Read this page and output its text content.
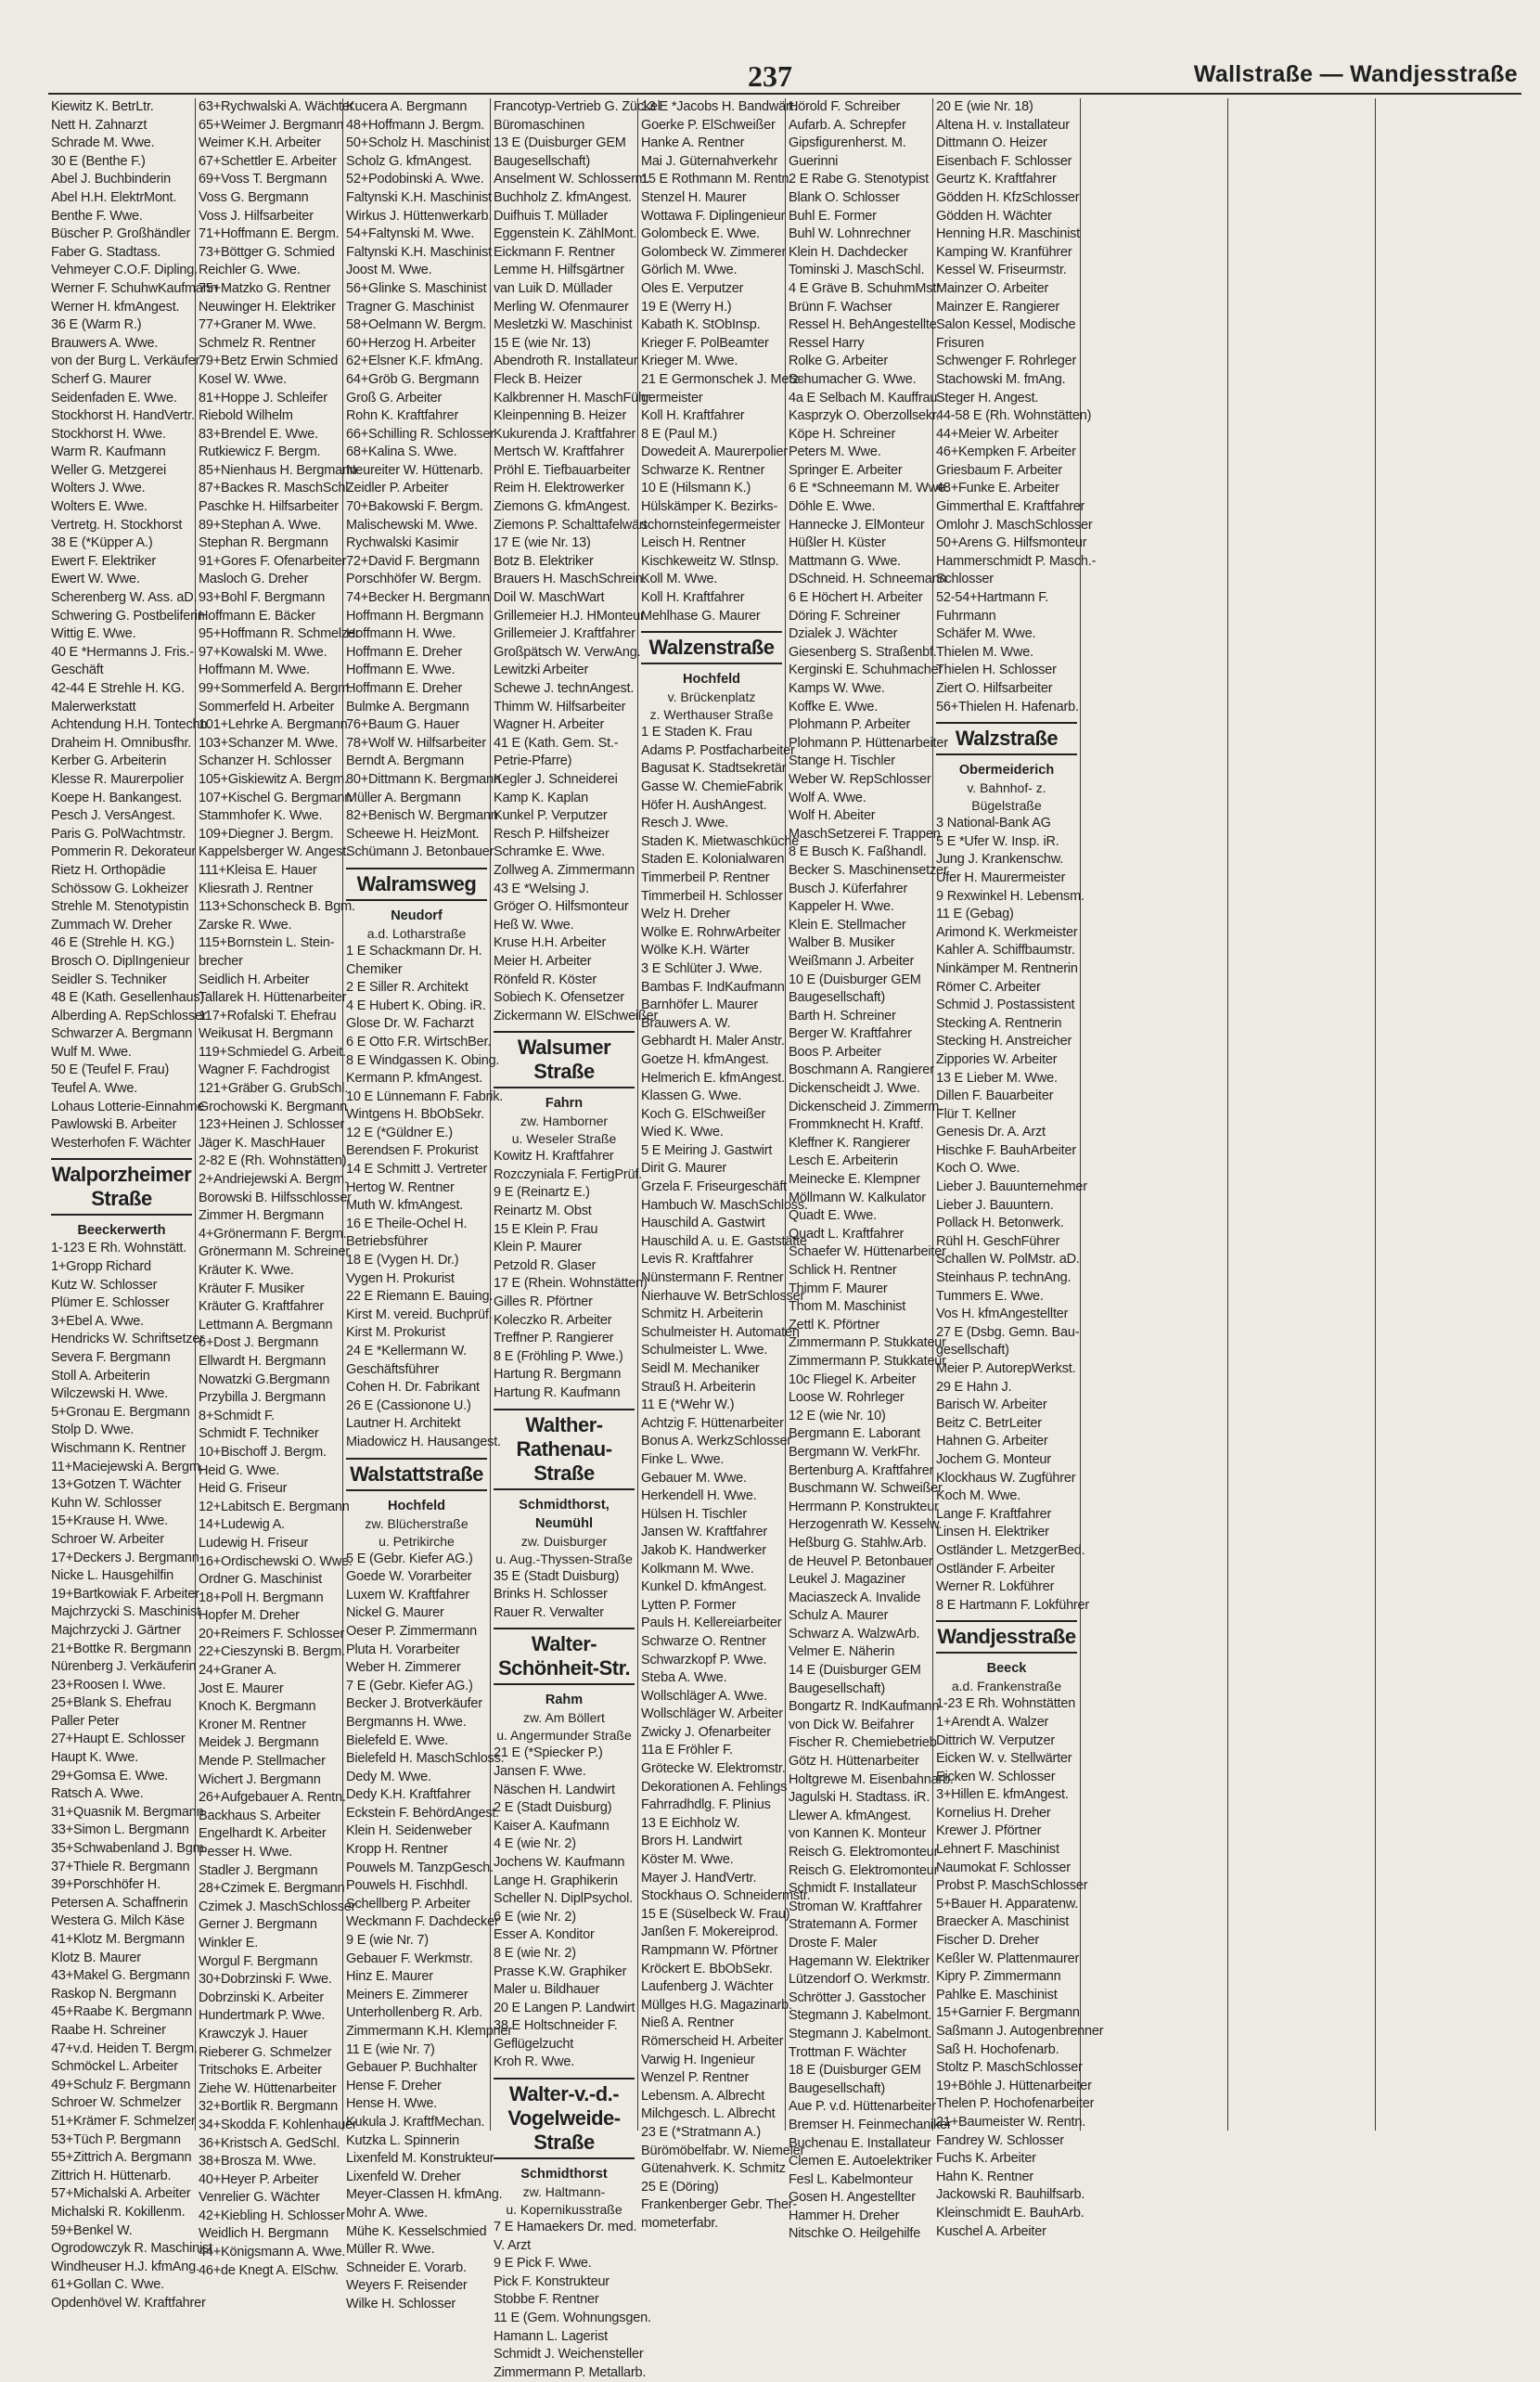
237	Wallstraße — Wandjesstraße
Kiewitz K. BetrLtr.
Nett H. Zahnarzt
Schrade M. Wwe.
30 E (Benthe F.)
Abel J. Buchbinderin
Abel H.H. ElektrMont.
Benthe F. Wwe.
Büscher P. Großhändler
Faber G. Stadtass.
Vehmeyer C.O.F. Dipling.
Werner F. SchuhwKaufmann
Werner H. kfmAngest.
36 E (Warm R.)
Brauwers A. Wwe.
von der Burg L. Verkäufer.
Scherf G. Maurer
Seidenfaden E. Wwe.
Stockhorst H. HandVertr.
Stockhorst H. Wwe.
Warm R. Kaufmann
Weller G. Metzgerei
Wolters J. Wwe.
Wolters E. Wwe.
Vertretg. H. Stockhorst
38 E (*Küpper A.)
Ewert F. Elektriker
Ewert W. Wwe.
Scherenberg W. Ass. aD.
Schwering G. Postbeliferin
Wittig E. Wwe.
40 E *Hermanns J. Fris.-
Geschäft
42-44 E Strehle H. KG.
Malerwerkstatt
Achtendung H.H. Tontechn.
Draheim H. Omnibusfhr.
Kerber G. Arbeiterin
Klesse R. Maurerpolier
Koepe H. Bankangest.
Pesch J. VersAngest.
Paris G. PolWachtmstr.
Pommerin R. Dekorateur
Rietz H. Orthopädie
Schössow G. Lokheizer
Strehle M. Stenotypistin
Zummach W. Dreher
46 E (Strehle H. KG.)
Brosch O. DiplIngenieur
Seidler S. Techniker
48 E (Kath. Gesellenhaus)
Alberding A. RepSchlosser
Schwarzer A. Bergmann
Wulf M. Wwe.
50 E (Teufel F. Frau)
Teufel A. Wwe.
Lohaus Lotterie-Einnahme
Pawlowski B. Arbeiter
Westerhofen F. Wächter
Walporzheimer Straße
Beeckerwerth
1-123 E Rh. Wohnstätt.
1+Gropp Richard
Kutz W. Schlosser
Plümer E. Schlosser
3+Ebel A. Wwe.
Hendricks W. Schriftsetzer
Severa F. Bergmann
Stoll A. Arbeiterin
Wilczewski H. Wwe.
5+Gronau E. Bergmann
Stolp D. Wwe.
Wischmann K. Rentner
11+Maciejewski A. Bergm.
13+Gotzen T. Wächter
Kuhn W. Schlosser
15+Krause H. Wwe.
Schroer W. Arbeiter
17+Deckers J. Bergmann
Nicke L. Hausgehilfin
19+Bartkowiak F. Arbeiter
Majchrzycki S. Maschinist
Majchrzycki J. Gärtner
21+Bottke R. Bergmann
Nürenberg J. Verkäuferin
23+Roosen I. Wwe.
25+Blank S. Ehefrau
Paller Peter
27+Haupt E. Schlosser
Haupt K. Wwe.
29+Gomsa E. Wwe.
Ratsch A. Wwe.
31+Quasnik M. Bergmann
33+Simon L. Bergmann
35+Schwabenland J. Bgm.
37+Thiele R. Bergmann
39+Porschhöfer H.
Petersen A. Schaffnerin
Westera G. Milch Käse
41+Klotz M. Bergmann
Klotz B. Maurer
43+Makel G. Bergmann
Raskop N. Bergmann
45+Raabe K. Bergmann
Raabe H. Schreiner
47+v.d. Heiden T. Bergm.
Schmöckel L. Arbeiter
49+Schulz F. Bergmann
Schroer W. Schmelzer
51+Krämer F. Schmelzer
53+Tüch P. Bergmann
55+Zittrich A. Bergmann
Zittrich H. Hüttenarb.
57+Michalski A. Arbeiter
Michalski R. Kokillenm.
59+Benkel W.
Ogrodowczyk R. Maschinist
Windheuser H.J. kfmAng.
61+Gollan C. Wwe.
Opdenhövel W. Kraftfahrer
63+Rychwalski A. Wächter
65+Weimer J. Bergmann
Weimer K.H. Arbeiter
67+Schettler E. Arbeiter
69+Voss T. Bergmann
Voss G. Bergmann
Voss J. Hilfsarbeiter
71+Hoffmann E. Bergm.
73+Böttger G. Schmied
Reichler G. Wwe.
75+Matzko G. Rentner
Neuwinger H. Elektriker
77+Graner M. Wwe.
Schmelz R. Rentner
79+Betz Erwin Schmied
Kosel W. Wwe.
81+Hoppe J. Schleifer
Riebold Wilhelm
83+Brendel E. Wwe.
Rutkiewicz F. Bergm.
85+Nienhaus H. Bergmann
87+Backes R. MaschSchl.
Paschke H. Hilfsarbeiter
89+Stephan A. Wwe.
Stephan R. Bergmann
91+Gores F. Ofenarbeiter
Masloch G. Dreher
93+Bohl F. Bergmann
Hoffmann E. Bäcker
95+Hoffmann R. Schmelzer
97+Kowalski M. Wwe.
Hoffmann M. Wwe.
99+Sommerfeld A. Bergm.
Sommerfeld H. Arbeiter
101+Lehrke A. Bergmann
103+Schanzer M. Wwe.
Schanzer H. Schlosser
105+Giskiewitz A. Bergm.
107+Kischel G. Bergmann
Stammhofer K. Wwe.
109+Diegner J. Bergm.
Kappelsberger W. Angest.
111+Kleisa E. Hauer
Kliesrath J. Rentner
113+Schonscheck B. Bgm.
Zarske R. Wwe.
115+Bornstein L. Stein-
brecher
Seidlich H. Arbeiter
Tallarek H. Hüttenarbeiter
117+Rofalski T. Ehefrau
Weikusat H. Bergmann
119+Schmiedel G. Arbeit.
Wagner F. Fachdrogist
121+Gräber G. GrubSchl.
Grochowski K. Bergmann
123+Heinen J. Schlosser
Jäger K. MaschHauer
2-82 E (Rh. Wohnstätten)
2+Andriejewski A. Bergm.
Borowski B. Hilfsschlosser
Zimmer H. Bergmann
4+Grönermann F. Bergm.
Grönermann M. Schreiner
Kräuter K. Wwe.
Kräuter F. Musiker
Kräuter G. Kraftfahrer
Lettmann A. Bergmann
6+Dost J. Bergmann
Ellwardt H. Bergmann
Nowatzki G.Bergmann
Przybilla J. Bergmann
8+Schmidt F.
Schmidt F. Techniker
10+Bischoff J. Bergm.
Heid G. Wwe.
Heid G. Friseur
12+Labitsch E. Bergmann
14+Ludewig A.
Ludewig H. Friseur
16+Ordischewski O. Wwe.
Ordner G. Maschinist
18+Poll H. Bergmann
Hopfer M. Dreher
20+Reimers F. Schlosser
22+Cieszynski B. Bergm.
24+Graner A.
Jost E. Maurer
Knoch K. Bergmann
Kroner M. Rentner
Meidek J. Bergmann
Mende P. Stellmacher
Wichert J. Bergmann
26+Aufgebauer A. Rentn.
Backhaus S. Arbeiter
Engelhardt K. Arbeiter
Pesser H. Wwe.
Stadler J. Bergmann
28+Czimek E. Bergmann
Czimek J. MaschSchlosser
Gerner J. Bergmann
Winkler E.
Worgul F. Bergmann
30+Dobrzinski F. Wwe.
Dobrzinski K. Arbeiter
Hundertmark P. Wwe.
Krawczyk J. Hauer
Rieberer G. Schmelzer
Tritschoks E. Arbeiter
Ziehe W. Hüttenarbeiter
32+Bortlik R. Bergmann
34+Skodda F. Kohlenhauer
36+Kristsch A. GedSchl.
38+Brosza M. Wwe.
40+Heyer P. Arbeiter
Venrelier G. Wächter
42+Kiebling H. Schlosser
Weidlich H. Bergmann
44+Königsmann A. Wwe.
46+de Knegt A. ElSchw.
Kucera A. Bergmann
48+Hoffmann J. Bergm.
50+Scholz H. Maschinist
Scholz G. kfmAngest.
52+Podobinski A. Wwe.
Faltynski K.H. Maschinist
Wirkus J. Hüttenwerkarb.
54+Faltynski M. Wwe.
Faltynski K.H. Maschinist
Joost M. Wwe.
56+Glinke S. Maschinist
Tragner G. Maschinist
58+Oelmann W. Bergm.
60+Herzog H. Arbeiter
62+Elsner K.F. kfmAng.
64+Gröb G. Bergmann
Groß G. Arbeiter
Rohn K. Kraftfahrer
66+Schilling R. Schlosser
68+Kalina S. Wwe.
Neureiter W. Hüttenarb.
Zeidler P. Arbeiter
70+Bakowski F. Bergm.
Malischewski M. Wwe.
Rychwalski Kasimir
72+David F. Bergmann
Porschhöfer W. Bergm.
74+Becker H. Bergmann
Hoffmann H. Bergmann
Hoffmann H. Wwe.
Hoffmann E. Dreher
Hoffmann E. Wwe.
Hoffmann E. Dreher
Bulmke A. Bergmann
76+Baum G. Hauer
78+Wolf W. Hilfsarbeiter
Berndt A. Bergmann
80+Dittmann K. Bergmann
Müller A. Bergmann
82+Benisch W. Bergmann
Scheewe H. HeizMont.
Schümann J. Betonbauer
Walramsweg
Neudorf
a.d. Lotharstraße
1 E Schackmann Dr. H.
Chemiker
2 E Siller R. Architekt
4 E Hubert K. Obing. iR.
Glose Dr. W. Facharzt
6 E Otto F.R. WirtschBer.
8 E Windgassen K. Obing.
Kermann P. kfmAngest.
10 E Lünnemann F. Fabrik.
Wintgens H. BbObSekr.
12 E (*Güldner E.)
Berendsen F. Prokurist
14 E Schmitt J. Vertreter
Hertog W. Rentner
Muth W. kfmAngest.
16 E Theile-Ochel H.
Betriebsführer
18 E (Vygen H. Dr.)
Vygen H. Prokurist
22 E Riemann E. Bauing.
Kirst M. vereid. Buchprüf.
Kirst M. Prokurist
24 E *Kellermann W.
Geschäftsführer
Cohen H. Dr. Fabrikant
26 E (Cassionone U.)
Lautner H. Architekt
Miadowicz H. Hausangest.
Walstattstraße
Hochfeld
zw. Blücherstraße
u. Petrikirche
5 E (Gebr. Kiefer AG.)
Goede W. Vorarbeiter
Luxem W. Kraftfahrer
Nickel G. Maurer
Oeser P. Zimmermann
Pluta H. Vorarbeiter
Weber H. Zimmerer
7 E (Gebr. Kiefer AG.)
Becker J. Brotverkäufer
Bergmanns H. Wwe.
Bielefeld E. Wwe.
Bielefeld H. MaschSchloss.
Dedy M. Wwe.
Dedy K.H. Kraftfahrer
Eckstein F. BehördAngest.
Klein H. Seidenweber
Kropp H. Rentner
Pouwels M. TanzpGesch.
Pouwels H. Fischhdl.
Schellberg P. Arbeiter
Weckmann F. Dachdecker
9 E (wie Nr. 7)
Gebauer F. Werkmstr.
Hinz E. Maurer
Meiners E. Zimmerer
Unterhollenberg R. Arb.
Zimmermann K.H. Klempner
11 E (wie Nr. 7)
Gebauer P. Buchhalter
Hense F. Dreher
Hense H. Wwe.
Kukula J. KraftfMechan.
Kutzka L. Spinnerin
Lixenfeld M. Konstrukteur
Lixenfeld W. Dreher
Meyer-Classen H. kfmAng.
Mohr A. Wwe.
Mühe K. Kesselschmied
Müller R. Wwe.
Schneider E. Vorarb.
Weyers F. Reisender
Wilke H. Schlosser
Francotyp-Vertrieb G. Zückel
Büromaschinen
13 E (Duisburger GEM
Baugesellschaft)
Anselment W. Schlosserm.
Buchholz Z. kfmAngest.
Duifhuis T. Müllader
Eggenstein K. ZählMont.
Eickmann F. Rentner
Lemme H. Hilfsgärtner
van Luik D. Müllader
Merling W. Ofenmaurer
Mesletzki W. Maschinist
15 E (wie Nr. 13)
Abendroth R. Installateur
Fleck B. Heizer
Kalkbrenner H. MaschFühr.
Kleinpenning B. Heizer
Kukurenda J. Kraftfahrer
Mertsch W. Kraftfahrer
Pröhl E. Tiefbauarbeiter
Reim H. Elektrowerker
Ziemons G. kfmAngest.
Ziemons P. Schalttafelwärt
17 E (wie Nr. 13)
Botz B. Elektriker
Brauers H. MaschSchrein.
Doil W. MaschWart
Grillemeier H.J. HMonteur
Grillemeier J. Kraftfahrer
Großpätsch W. VerwAng.
Lewitzki Arbeiter
Schewe J. technAngest.
Thimm W. Hilfsarbeiter
Wagner H. Arbeiter
41 E (Kath. Gem. St.-
Petrie-Pfarre)
Kegler J. Schneiderei
Kamp K. Kaplan
Kunkel P. Verputzer
Resch P. Hilfsheizer
Schramke E. Wwe.
Zollweg A. Zimmermann
43 E *Welsing J.
Gröger O. Hilfsmonteur
Heß W. Wwe.
Kruse H.H. Arbeiter
Meier H. Arbeiter
Rönfeld R. Köster
Sobiech K. Ofensetzer
Zickermann W. ElSchweißer
Walsumer Straße
Fahrn
zw. Hamborner
u. Weseler Straße
Kowitz H. Kraftfahrer
Rozczyniala F. FertigPrüf.
9 E (Reinartz E.)
Reinartz M. Obst
15 E Klein P. Frau
Klein P. Maurer
Petzold R. Glaser
17 E (Rhein. Wohnstätten)
Gilles R. Pförtner
Koleczko R. Arbeiter
Treffner P. Rangierer
8 E (Fröhling P. Wwe.)
Hartung R. Bergmann
Hartung R. Kaufmann
Walther-Rathenau-Straße
Schmidthorst, Neumühl
zw. Duisburger
u. Aug.-Thyssen-Straße
35 E (Stadt Duisburg)
Brinks H. Schlosser
Rauer R. Verwalter
Walter-Schönheit-Str.
Rahm
zw. Am Böllert
u. Angermunder Straße
21 E (*Spiecker P.)
Jansen F. Wwe.
Näschen H. Landwirt
2 E (Stadt Duisburg)
Kaiser A. Kaufmann
4 E (wie Nr. 2)
Jochens W. Kaufmann
Lange H. Graphikerin
Scheller N. DiplPsychol.
6 E (wie Nr. 2)
Esser A. Konditor
8 E (wie Nr. 2)
Prasse K.W. Graphiker
Maler u. Bildhauer
20 E Langen P. Landwirt
38 E Holtschneider F.
Geflügelzucht
Kroh R. Wwe.
Walter-v.-d.-Vogelweide-Straße
Schmidthorst
zw. Haltmann-
u. Kopernikusstraße
7 E Hamaekers Dr. med.
V. Arzt
9 E Pick F. Wwe.
Pick F. Konstrukteur
Stobbe F. Rentner
11 E (Gem. Wohnungsgen.
Hamann L. Lagerist
Schmidt J. Weichensteller
Zimmermann P. Metallarb.
13 E *Jacobs H. Bandwärt.
Goerke P. ElSchweißer
Hanke A. Rentner
Mai J. Güternahverkehr
15 E Rothmann M. Rentn.
Stenzel H. Maurer
Wottawa F. Diplingenieur
Golombeck E. Wwe.
Golombeck W. Zimmerer
Görlich M. Wwe.
Oles E. Verputzer
19 E (Werry H.)
Kabath K. StObInsp.
Krieger F. PolBeamter
Krieger M. Wwe.
21 E Germonschek J. Metz-
germeister
Koll H. Kraftfahrer
8 E (Paul M.)
Dowedeit A. Maurerpolier
Schwarze K. Rentner
10 E (Hilsmann K.)
Hülskämper K. Bezirks-
schornsteinfegermeister
Leisch H. Rentner
Kischkeweitz W. Stlnsp.
Koll M. Wwe.
Koll H. Kraftfahrer
Mehlhase G. Maurer
Walzenstraße
Hochfeld
v. Brückenplatz
z. Werthauser Straße
1 E Staden K. Frau
Adams P. Postfacharbeiter
Bagusat K. Stadtsekretär
Gasse W. ChemieFabrik
Höfer H. AushAngest.
Resch J. Wwe.
Staden K. Mietwaschküche
Staden E. Kolonialwaren
Timmerbeil P. Rentner
Timmerbeil H. Schlosser
Welz H. Dreher
Wölke E. RohrwArbeiter
Wölke K.H. Wärter
3 E Schlüter J. Wwe.
Bambas F. IndKaufmann
Barnhöfer L. Maurer
Brauwers A. W.
Gebhardt H. Maler Anstr.
Goetze H. kfmAngest.
Helmerich E. kfmAngest.
Klassen G. Wwe.
Koch G. ElSchweißer
Wied K. Wwe.
5 E Meiring J. Gastwirt
Dirit G. Maurer
Grzela F. Friseurgeschäft
Hambuch W. MaschSchloss.
Hauschild A. Gastwirt
Hauschild A. u. E. Gaststätte
Levis R. Kraftfahrer
Nünstermann F. Rentner
Nierhauve W. BetrSchlosser
Schmitz H. Arbeiterin
Schulmeister H. Automaten
Schulmeister L. Wwe.
Seidl M. Mechaniker
Strauß H. Arbeiterin
11 E (*Wehr W.)
Achtzig F. Hüttenarbeiter
Bonus A. WerkzSchlosser
Finke L. Wwe.
Gebauer M. Wwe.
Herkendell H. Wwe.
Hülsen H. Tischler
Jansen W. Kraftfahrer
Jakob K. Handwerker
Kolkmann M. Wwe.
Kunkel D. kfmAngest.
Lytten P. Former
Pauls H. Kellereiarbeiter
Schwarze O. Rentner
Schwarzkopf P. Wwe.
Steba A. Wwe.
Wollschläger A. Wwe.
Wollschläger W. Arbeiter
Zwicky J. Ofenarbeiter
11a E Fröhler F.
Grötecke W. Elektromstr.
Dekorationen A. Fehlings
Fahrradhdlg. F. Plinius
13 E Eichholz W.
Brors H. Landwirt
Köster M. Wwe.
Mayer J. HandVertr.
Stockhaus O. Schneidermstr.
15 E (Süselbeck W. Frau)
Janßen F. Mokereiprod.
Rampmann W. Pförtner
Kröckert E. BbObSekr.
Laufenberg J. Wächter
Müllges H.G. Magazinarb.
Nieß A. Rentner
Römerscheid H. Arbeiter
Varwig H. Ingenieur
Wenzel P. Rentner
Lebensm. A. Albrecht
Milchgesch. L. Albrecht
23 E (*Stratmann A.)
Bürömöbelfabr. W. Niemeier
Gütenahverk. K. Schmitz
25 E (Döring)
Frankenberger Gebr. Ther-
mometerfabr.
Hörold F. Schreiber
Aufarb. A. Schrepfer
Gipsfigurenherst. M.
Guerinni
2 E Rabe G. Stenotypist
Blank O. Schlosser
Buhl E. Former
Buhl W. Lohnrechner
Klein H. Dachdecker
Tominski J. MaschSchl.
4 E Gräve B. SchuhmMstr.
Brünn F. Wachser
Ressel H. BehAngestellte
Ressel Harry
Rolke G. Arbeiter
Schumacher G. Wwe.
4a E Selbach M. Kauffrau
Kasprzyk O. Oberzollsekr.
Köpe H. Schreiner
Peters M. Wwe.
Springer E. Arbeiter
6 E *Schneemann M. Wwe.
Döhle E. Wwe.
Hannecke J. ElMonteur
Hüßler H. Küster
Mattmann G. Wwe.
DSchneid. H. Schneemann
6 E Höchert H. Arbeiter
Döring F. Schreiner
Dzialek J. Wächter
Giesenberg S. Straßenbf.
Kerginski E. Schuhmacher
Kamps W. Wwe.
Koffke E. Wwe.
Plohmann P. Arbeiter
Plohmann P. Hüttenarbeiter
Stange H. Tischler
Weber W. RepSchlosser
Wolf A. Wwe.
Wolf H. Abeiter
MaschSetzerei F. Trappen
8 E Busch K. Faßhandl.
Becker S. Maschinensetzer
Busch J. Küferfahrer
Kappeler H. Wwe.
Klein E. Stellmacher
Walber B. Musiker
Weißmann J. Arbeiter
10 E (Duisburger GEM
Baugesellschaft)
Barth H. Schreiner
Berger W. Kraftfahrer
Boos P. Arbeiter
Boschmann A. Rangierer
Dickenscheidt J. Wwe.
Dickenscheid J. Zimmerm.
Frommknecht H. Kraftf.
Kleffner K. Rangierer
Lesch E. Arbeiterin
Meinecke E. Klempner
Möllmann W. Kalkulator
Quadt E. Wwe.
Quadt L. Kraftfahrer
Schaefer W. Hüttenarbeiter
Schlick H. Rentner
Thimm F. Maurer
Thom M. Maschinist
Zettl K. Pförtner
Zimmermann P. Stukkateur
Zimmermann P. Stukkateur
10c Fliegel K. Arbeiter
Loose W. Rohrleger
12 E (wie Nr. 10)
Bergmann E. Laborant
Bergmann W. VerkFhr.
Bertenburg A. Kraftfahrer
Buschmann W. Schweißer
Herrmann P. Konstrukteur
Herzogenrath W. Kesselw.
Heßburg G. Stahlw.Arb.
de Heuvel P. Betonbauer
Leukel J. Magaziner
Maciaszeck A. Invalide
Schulz A. Maurer
Schwarz A. WalzwArb.
Velmer E. Näherin
14 E (Duisburger GEM
Baugesellschaft)
Bongartz R. IndKaufmann
von Dick W. Beifahrer
Fischer R. Chemiebetrieb
Götz H. Hüttenarbeiter
Holtgrewe M. Eisenbahnarb.
Jagulski H. Stadtass. iR.
Llewer A. kfmAngest.
von Kannen K. Monteur
Reisch G. Elektromonteur
Reisch G. Elektromonteur
Schmidt F. Installateur
Stroman W. Kraftfahrer
Stratemann A. Former
Droste F. Maler
Hagemann W. Elektriker
Lützendorf O. Werkmstr.
Schrötter J. Gasstocher
Stegmann J. Kabelmont.
Stegmann J. Kabelmont.
Trottman F. Wächter
18 E (Duisburger GEM
Baugesellschaft)
Aue P. v.d. Hüttenarbeiter
Bremser H. Feinmechaniker
Buchenau E. Installateur
Clemen E. Autoelektriker
Fesl L. Kabelmonteur
Gosen H. Angestellter
Hammer H. Dreher
Nitschke O. Heilgehilfe
20 E (wie Nr. 18)
Altena H. v. Installateur
Dittmann O. Heizer
Eisenbach F. Schlosser
Geurtz K. Kraftfahrer
Gödden H. KfzSchlosser
Gödden H. Wächter
Henning H.R. Maschinist
Kamping W. Kranführer
Kessel W. Friseurmstr.
Mainzer O. Arbeiter
Mainzer E. Rangierer
Salon Kessel, Modische
Frisuren
Schwenger F. Rohrleger
Stachowski M. fmAng.
Steger H. Angest.
44-58 E (Rh. Wohnstätten)
44+Meier W. Arbeiter
46+Kempken F. Arbeiter
Griesbaum F. Arbeiter
48+Funke E. Arbeiter
Gimmerthal E. Kraftfahrer
Omlohr J. MaschSchlosser
50+Arens G. Hilfsmonteur
Hammerschmidt P. Masch.-
Schlosser
52-54+Hartmann F.
Fuhrmann
Schäfer M. Wwe.
Thielen M. Wwe.
Thielen H. Schlosser
Ziert O. Hilfsarbeiter
56+Thielen H. Hafenarb.
Walzstraße
Obermeiderich
v. Bahnhof- z. Bügelstraße
3 National-Bank AG
5 E *Ufer W. Insp. iR.
Jung J. Krankenschw.
Ufer H. Maurermeister
9 Rexwinkel H. Lebensm.
11 E (Gebag)
Arimond K. Werkmeister
Kahler A. Schiffbaumstr.
Ninkämper M. Rentnerin
Römer C. Arbeiter
Schmid J. Postassistent
Stecking A. Rentnerin
Stecking H. Anstreicher
Zippories W. Arbeiter
13 E Lieber M. Wwe.
Dillen F. Bauarbeiter
Flür T. Kellner
Genesis Dr. A. Arzt
Hischke F. BauhArbeiter
Koch O. Wwe.
Lieber J. Bauunternehmer
Lieber J. Bauuntern.
Pollack H. Betonwerk.
Rühl H. GeschFührer
Schallen W. PolMstr. aD.
Steinhaus P. technAng.
Tummers E. Wwe.
Vos H. kfmAngestellter
27 E (Dsbg. Gemn. Bau-
gesellschaft)
Meier P. AutorepWerkst.
29 E Hahn J.
Barisch W. Arbeiter
Beitz C. BetrLeiter
Hahnen G. Arbeiter
Jochem G. Monteur
Klockhaus W. Zugführer
Koch M. Wwe.
Lange F. Kraftfahrer
Linsen H. Elektriker
Ostländer L. MetzgerBed.
Ostländer F. Arbeiter
Werner R. Lokführer
8 E Hartmann F. Lokführer
Wandjesstraße
Beeck
a.d. Frankenstraße
1-23 E Rh. Wohnstätten
1+Arendt A. Walzer
Dittrich W. Verputzer
Eicken W. v. Stellwärter
Eicken W. Schlosser
3+Hillen E. kfmAngest.
Kornelius H. Dreher
Krewer J. Pförtner
Lehnert F. Maschinist
Naumokat F. Schlosser
Probst P. MaschSchlosser
5+Bauer H. Apparatenw.
Braecker A. Maschinist
Fischer D. Dreher
Keßler W. Plattenmaurer
Kipry P. Zimmermann
Pahlke E. Maschinist
15+Garnier F. Bergmann
Saßmann J. Autogenbrenner
Saß H. Hochofenarb.
Stoltz P. MaschSchlosser
19+Böhle J. Hüttenarbeiter
Thelen P. Hochofenarbeiter
21+Baumeister W. Rentn.
Fandrey W. Schlosser
Fuchs K. Arbeiter
Hahn K. Rentner
Jackowski R. Bauhilfsarb.
Kleinschmidt E. BauhArb.
Kuschel A. Arbeiter
